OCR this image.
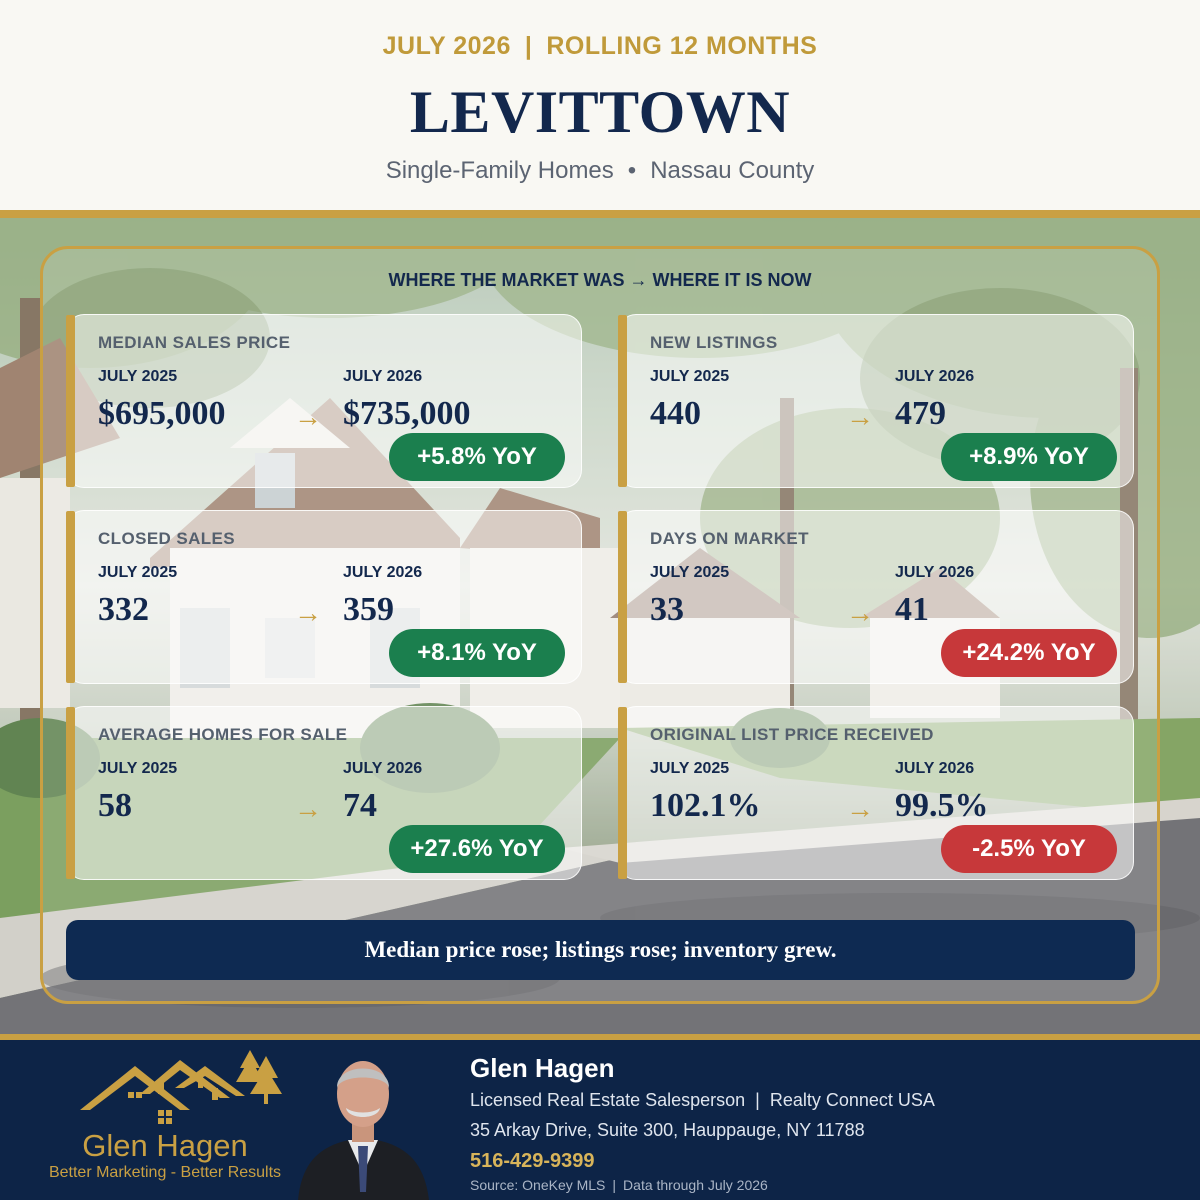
JULY 2026 | ROLLING 12 MONTHS
LEVITTOWN
Single-Family Homes • Nassau County
WHERE THE MARKET WAS → WHERE IT IS NOW
MEDIAN SALES PRICE
JULY 2025	JULY 2026
$695,000 → $735,000
+5.8% YoY
NEW LISTINGS
JULY 2025	JULY 2026
440	→ 479
+8.9% YoY
CLOSED SALES
JULY 2025	JULY 2026
332	→ 359
+8.1% YoY
DAYS ON MARKET
JULY 2025	JULY 2026
33	→ 41
+24.2% YoY
AVERAGE HOMES FOR SALE
JULY 2025	JULY 2026
58	→ 74
+27.6% YoY
ORIGINAL LIST PRICE RECEIVED
JULY 2025	JULY 2026
102.1%	→ 99.5%
-2.5% YoY
Median price rose; listings rose; inventory grew.
Glen Hagen
Better Marketing - Better Results
Glen Hagen
Licensed Real Estate Salesperson | Realty Connect USA
35 Arkay Drive, Suite 300, Hauppauge, NY 11788
516-429-9399
Source: OneKey MLS | Data through July 2026
